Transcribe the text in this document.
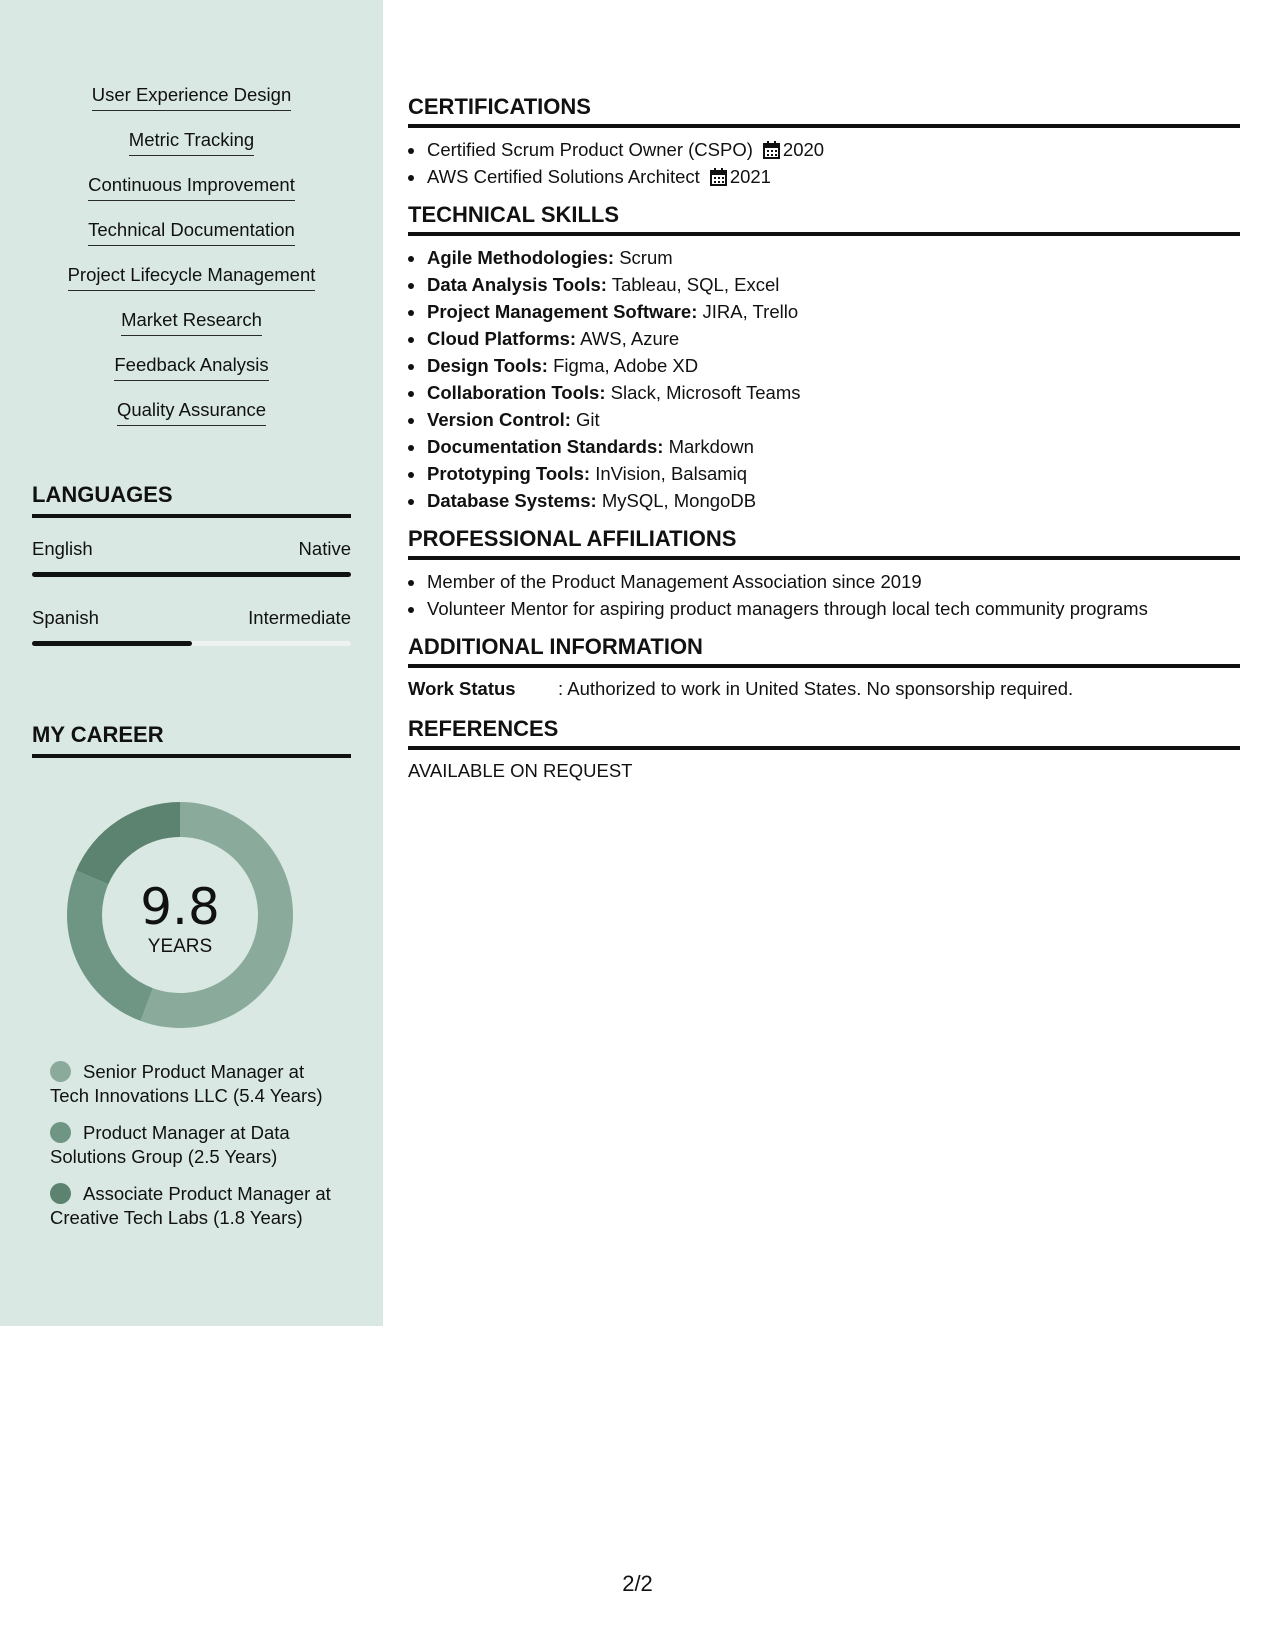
User Experience Design
Metric Tracking
Continuous Improvement
Technical Documentation
Project Lifecycle Management
Market Research
Feedback Analysis
Quality Assurance
LANGUAGES
English	Native
Spanish	Intermediate
MY CAREER
9.8
YEARS
Senior Product Manager at Tech Innovations LLC (5.4 Years)
Product Manager at Data Solutions Group (2.5 Years)
Associate Product Manager at Creative Tech Labs (1.8 Years)
CERTIFICATIONS
• Certified Scrum Product Owner (CSPO) 2020
• AWS Certified Solutions Architect 2021
TECHNICAL SKILLS
• Agile Methodologies: Scrum
• Data Analysis Tools: Tableau, SQL, Excel
• Project Management Software: JIRA, Trello
• Cloud Platforms: AWS, Azure
• Design Tools: Figma, Adobe XD
• Collaboration Tools: Slack, Microsoft Teams
• Version Control: Git
• Documentation Standards: Markdown
• Prototyping Tools: InVision, Balsamiq
• Database Systems: MySQL, MongoDB
PROFESSIONAL AFFILIATIONS
• Member of the Product Management Association since 2019
• Volunteer Mentor for aspiring product managers through local tech community programs
ADDITIONAL INFORMATION
Work Status	: Authorized to work in United States. No sponsorship required.
REFERENCES
AVAILABLE ON REQUEST
2/2
